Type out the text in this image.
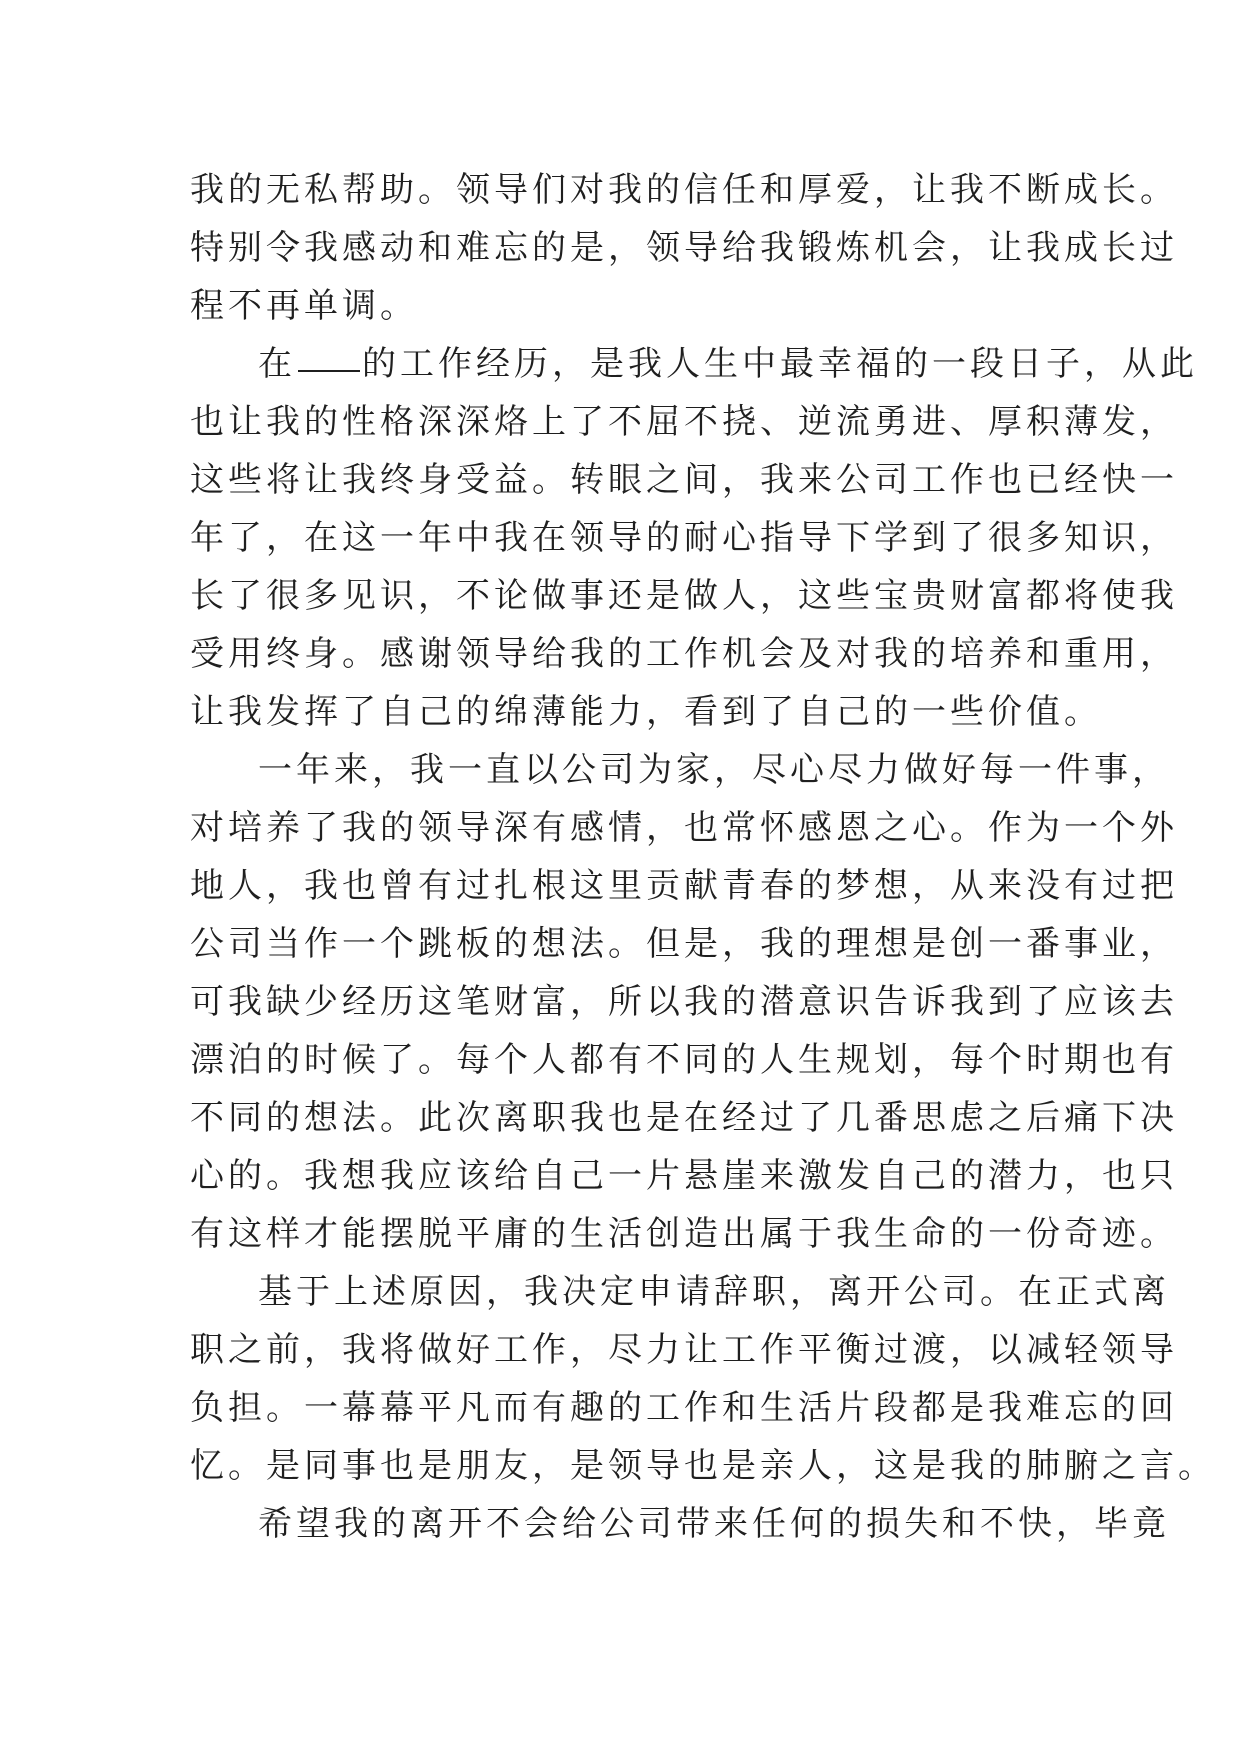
我的无私帮助。领导们对我的信任和厚爱，让我不断成长。
特别令我感动和难忘的是，领导给我锻炼机会，让我成长过
程不再单调。
在 的工作经历，是我人生中最幸福的一段日子，从此
也让我的性格深深烙上了不屈不挠、逆流勇进、厚积薄发，
这些将让我终身受益。转眼之间，我来公司工作也已经快一
年了，在这一年中我在领导的耐心指导下学到了很多知识，
长了很多见识，不论做事还是做人，这些宝贵财富都将使我
受用终身。感谢领导给我的工作机会及对我的培养和重用，
让我发挥了自己的绵薄能力，看到了自己的一些价值。
一年来，我一直以公司为家，尽心尽力做好每一件事，
对培养了我的领导深有感情，也常怀感恩之心。作为一个外
地人，我也曾有过扎根这里贡献青春的梦想，从来没有过把
公司当作一个跳板的想法。但是，我的理想是创一番事业，
可我缺少经历这笔财富，所以我的潜意识告诉我到了应该去
漂泊的时候了。每个人都有不同的人生规划，每个时期也有
不同的想法。此次离职我也是在经过了几番思虑之后痛下决
心的。我想我应该给自己一片悬崖来激发自己的潜力，也只
有这样才能摆脱平庸的生活创造出属于我生命的一份奇迹。
基于上述原因，我决定申请辞职，离开公司。在正式离
职之前，我将做好工作，尽力让工作平衡过渡，以减轻领导
负担。一幕幕平凡而有趣的工作和生活片段都是我难忘的回
忆。是同事也是朋友，是领导也是亲人，这是我的肺腑之言。
希望我的离开不会给公司带来任何的损失和不快，毕竟
